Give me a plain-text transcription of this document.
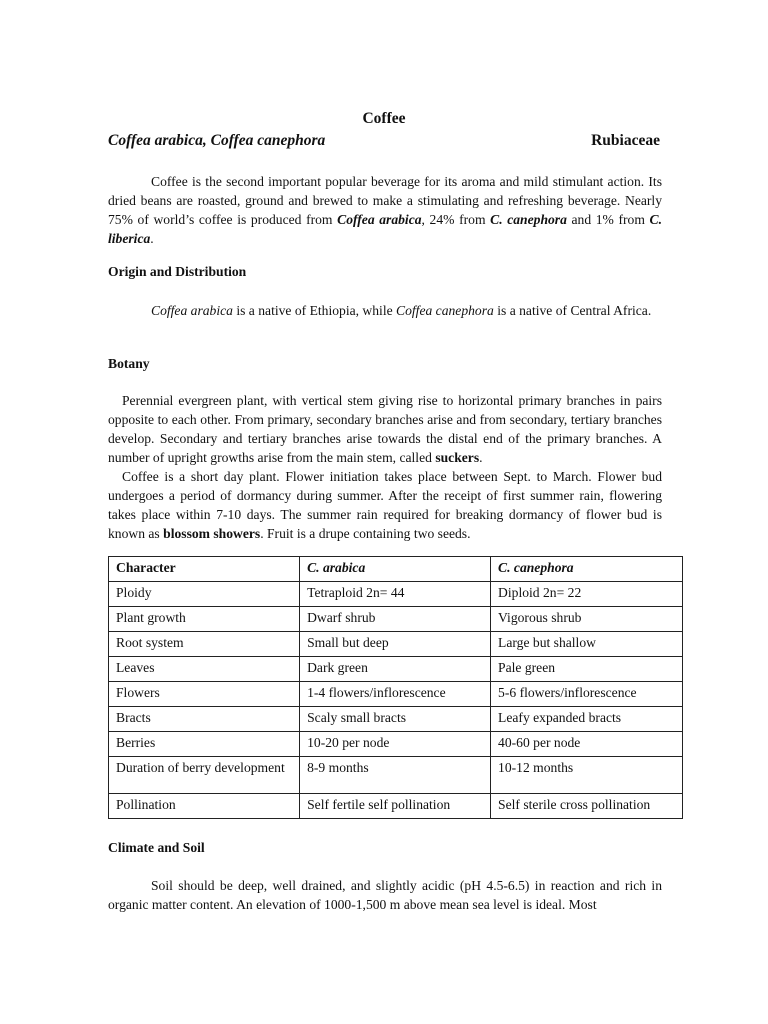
Coffee
Coffea arabica, Coffea canephora	Rubiaceae

Coffee is the second important popular beverage for its aroma and mild stimulant action. Its dried beans are roasted, ground and brewed to make a stimulating and refreshing beverage. Nearly 75% of world’s coffee is produced from Coffea arabica, 24% from C. canephora and 1% from C. liberica.

Origin and Distribution

Coffea arabica is a native of Ethiopia, while Coffea canephora is a native of Central Africa.

Botany

Perennial evergreen plant, with vertical stem giving rise to horizontal primary branches in pairs opposite to each other. From primary, secondary branches arise and from secondary, tertiary branches develop. Secondary and tertiary branches arise towards the distal end of the primary branches. A number of upright growths arise from the main stem, called suckers.

Coffee is a short day plant. Flower initiation takes place between Sept. to March. Flower bud undergoes a period of dormancy during summer. After the receipt of first summer rain, flowering takes place within 7-10 days. The summer rain required for breaking dormancy of flower bud is known as blossom showers. Fruit is a drupe containing two seeds.

Character	C. arabica	C. canephora
Ploidy	Tetraploid 2n= 44	Diploid 2n= 22
Plant growth	Dwarf shrub	Vigorous shrub
Root system	Small but deep	Large but shallow
Leaves	Dark green	Pale green
Flowers	1-4 flowers/inflorescence	5-6 flowers/inflorescence
Bracts	Scaly small bracts	Leafy expanded bracts
Berries	10-20 per node	40-60 per node
Duration of berry development	8-9 months	10-12 months
Pollination	Self fertile self pollination	Self sterile cross pollination
Climate and Soil

Soil should be deep, well drained, and slightly acidic (pH 4.5-6.5) in reaction and rich in organic matter content. An elevation of 1000-1,500 m above mean sea level is ideal. Most
